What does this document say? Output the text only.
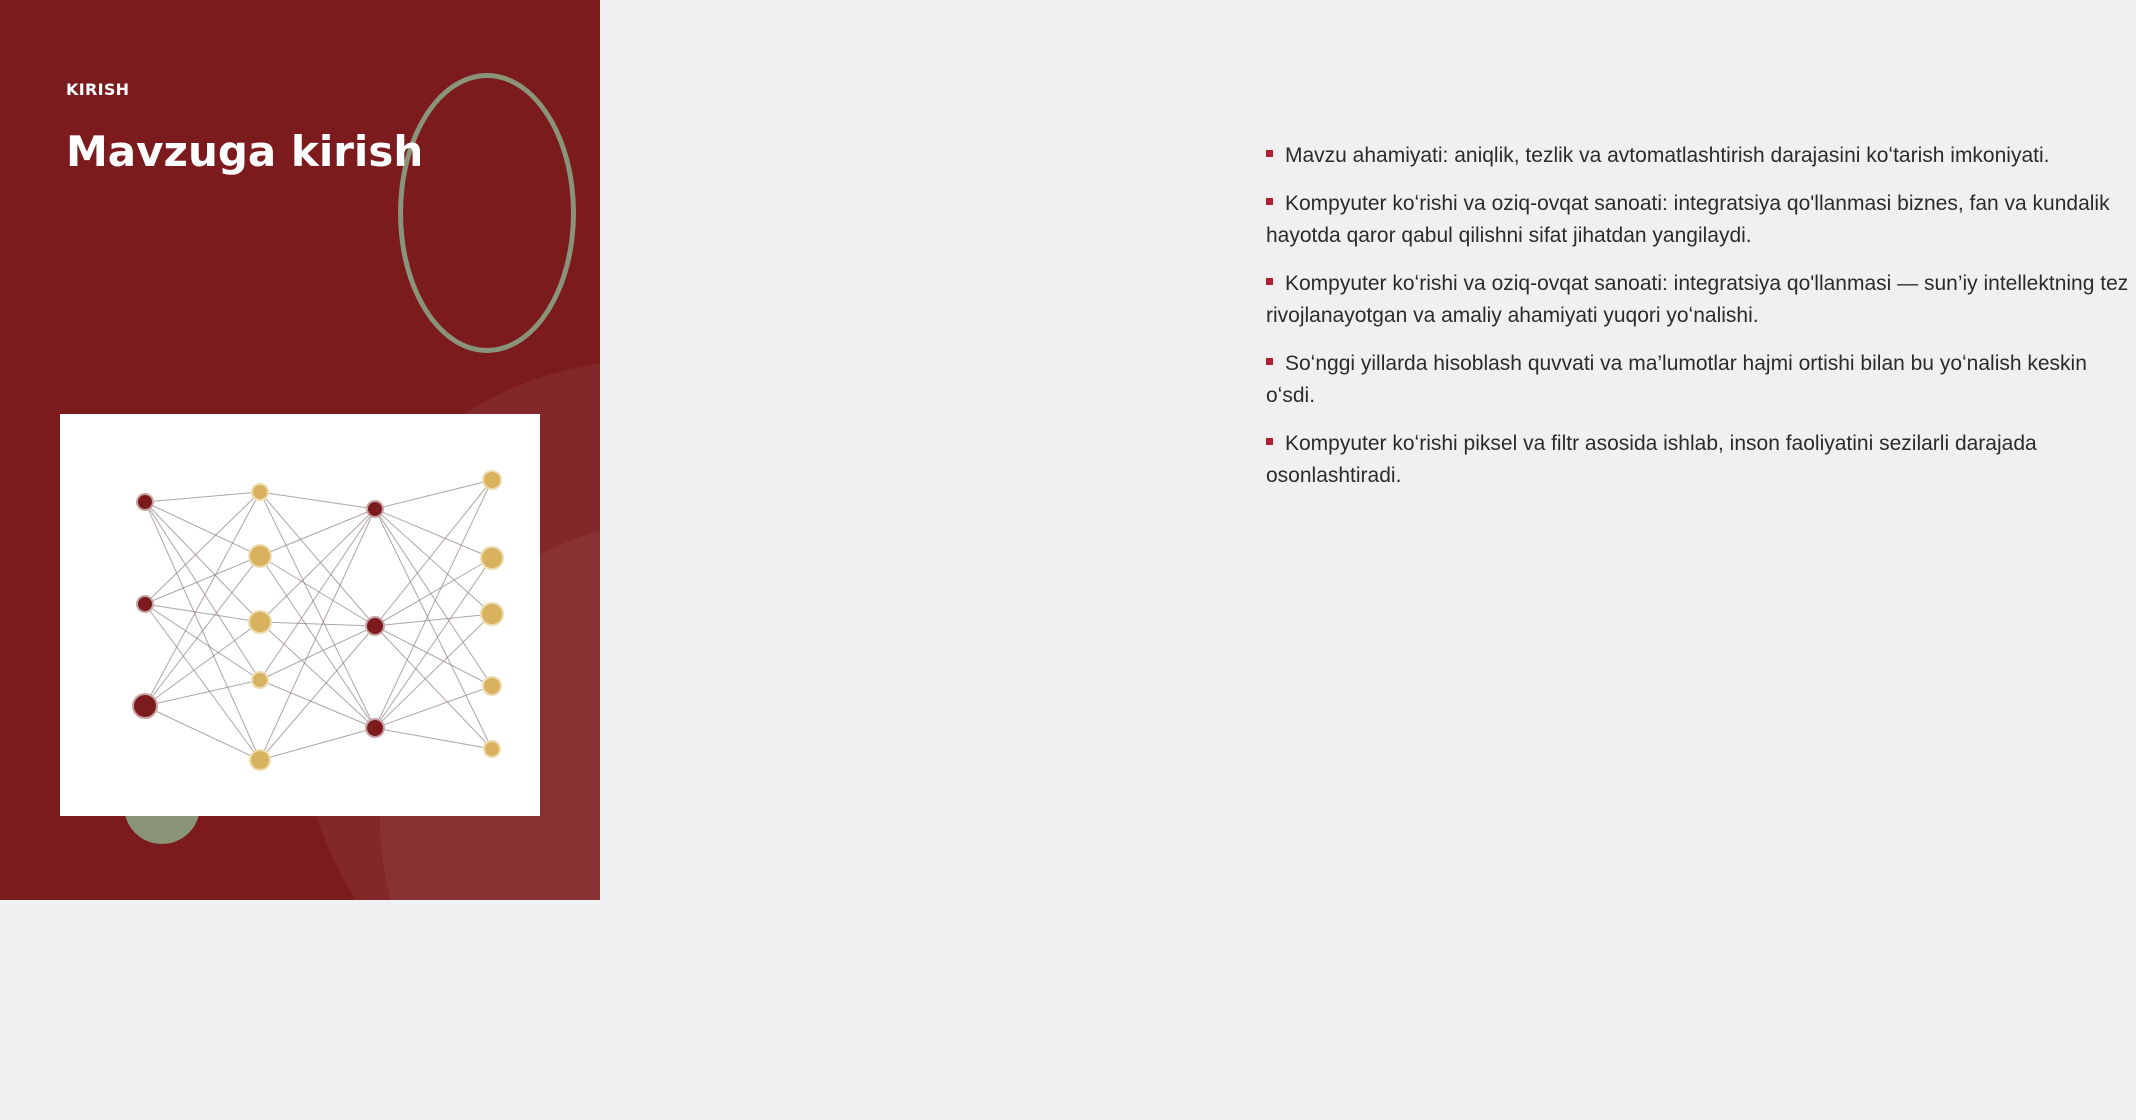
KIRISH
Mavzuga kirish	Mavzu ahamiyati: aniqlik, tezlik va avtomatlashtirish darajasini koʻtarish imkoniyati.
Kompyuter koʻrishi va oziq-ovqat sanoati: integratsiya qo'llanmasi biznes, fan va kundalik hayotda qaror qabul qilishni sifat jihatdan yangilaydi.
Kompyuter koʻrishi va oziq-ovqat sanoati: integratsiya qo'llanmasi — sun’iy intellektning tez rivojlanayotgan va amaliy ahamiyati yuqori yoʻnalishi.
Soʻnggi yillarda hisoblash quvvati va ma’lumotlar hajmi ortishi bilan bu yoʻnalish keskin oʻsdi.
Kompyuter koʻrishi piksel va filtr asosida ishlab, inson faoliyatini sezilarli darajada osonlashtiradi.
